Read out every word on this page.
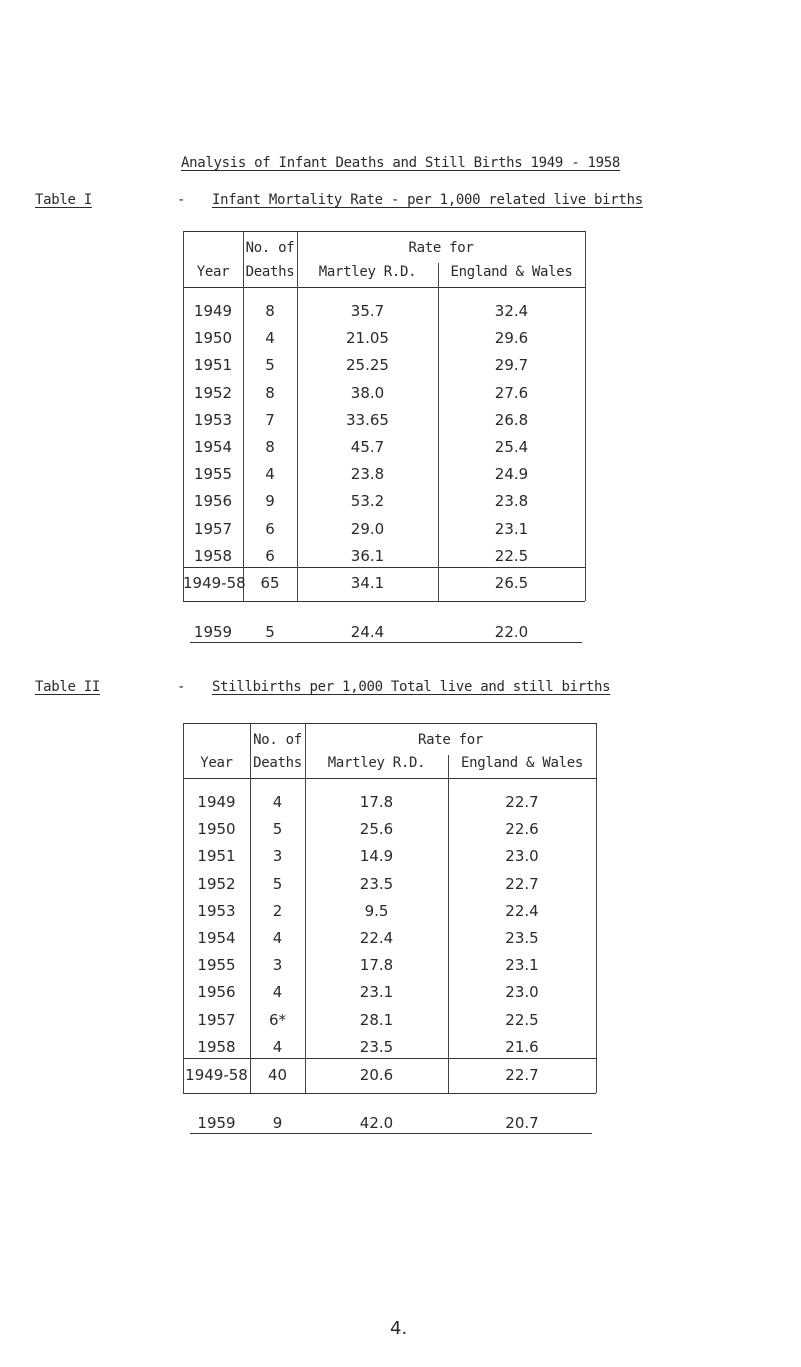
Analysis of Infant Deaths and Still Births 1949 - 1958
Table I	- Infant Mortality Rate - per 1,000 related live births
No. of
Year	Deaths
Rate for
Martley R.D.	England & Wales
1949	8	35.7	32.4
1950	4	21.05	29.6
1951	5	25.25	29.7
1952	8	38.0	27.6
1953	7	33.65	26.8
1954	8	45.7	25.4
1955	4	23.8	24.9
1956	9	53.2	23.8
1957	6	29.0	23.1
1958	6	36.1	22.5
1949-58 65	34.1	26.5
1959	5	24.4	22.0
Table II	- Stillbirths per 1,000 Total live and still births
No. of
Year	Deaths
Rate for
Martley R.D.	England & Wales
1949	4	17.8	22.7
1950	5	25.6	22.6
1951	3	14.9	23.0
1952	5	23.5	22.7
1953	2	9.5	22.4
1954	4	22.4	23.5
1955	3	17.8	23.1
1956	4	23.1	23.0
1957	6*	28.1	22.5
1958	4	23.5	21.6
1949-58	40	20.6	22.7
1959	9	42.0	20.7
4.
